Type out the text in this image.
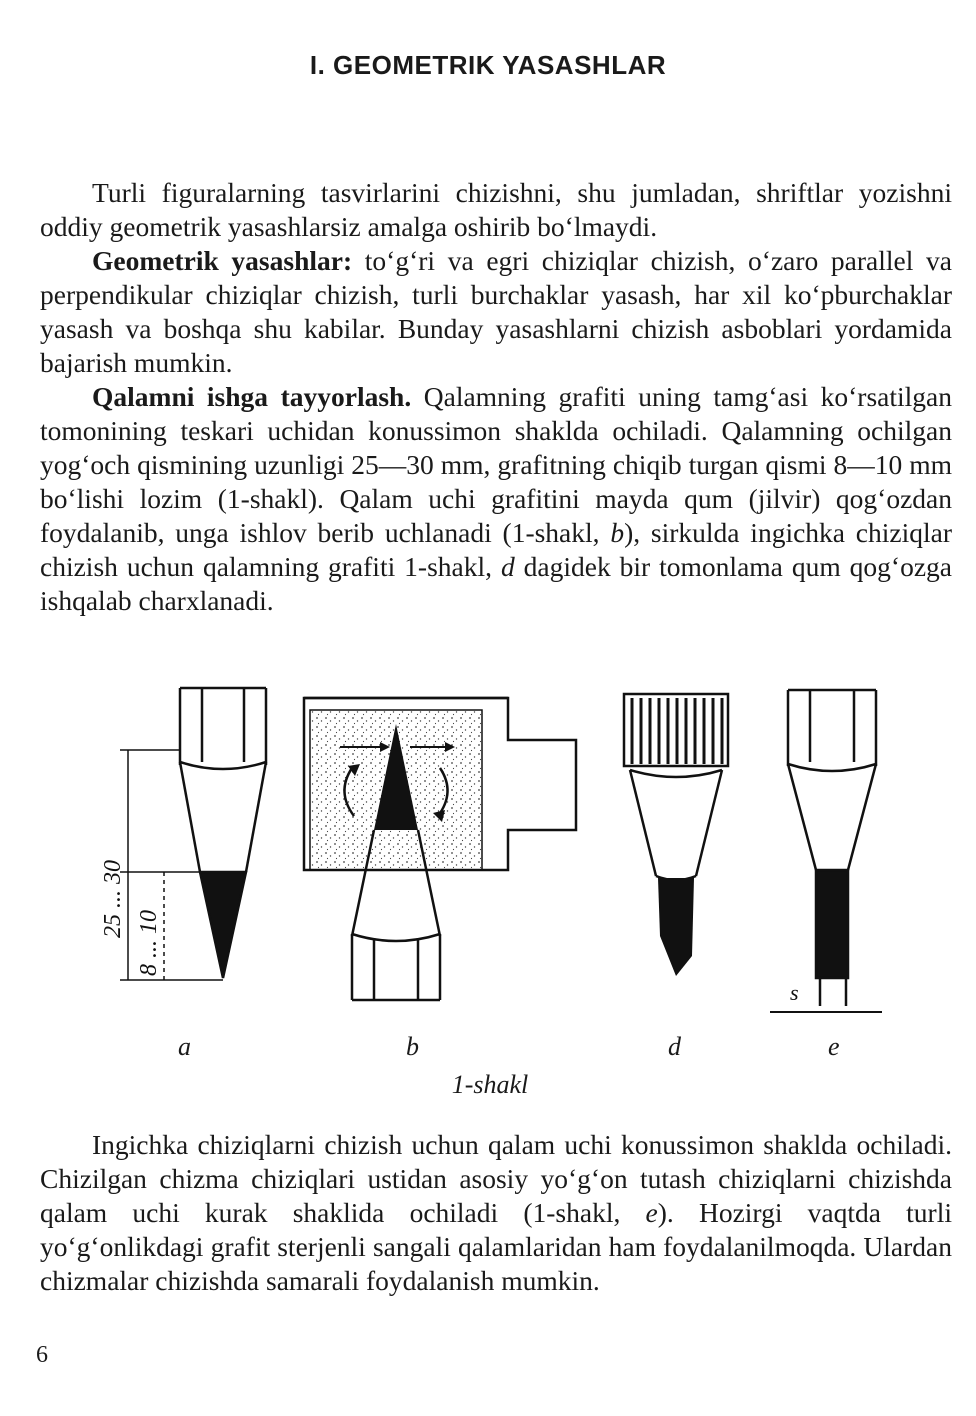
I. GEOMETRIK YASASHLAR

Turli figuralarning tasvirlarini chizishni, shu jumladan, shriftlar yozishni oddiy geometrik yasashlarsiz amalga oshirib bo‘lmaydi.

Geometrik yasashlar: to‘g‘ri va egri chiziqlar chizish, o‘zaro parallel va perpendikular chiziqlar chizish, turli burchaklar yasash, har xil ko‘pburchaklar yasash va boshqa shu kabilar. Bunday yasashlarni chizish asboblari yordamida bajarish mumkin.

Qalamni ishga tayyorlash. Qalamning grafiti uning tamg‘asi ko‘rsatilgan tomonining teskari uchidan konussimon shaklda ochiladi. Qalamning ochilgan yog‘och qismining uzunligi 25—30 mm, grafitning chiqib turgan qismi 8—10 mm bo‘lishi lozim (1-shakl). Qalam uchi grafitini mayda qum (jilvir) qog‘ozdan foydalanib, unga ishlov berib uchlanadi (1-shakl, b), sirkulda ingichka chiziqlar chizish uchun qalamning grafiti 1-shakl, d dagidek bir tomonlama qum qog‘ozga ishqalab charxlanadi.

25 ... 30
8 ... 10
s
a	b	d	e
1-shakl

Ingichka chiziqlarni chizish uchun qalam uchi konussimon shaklda ochiladi. Chizilgan chizma chiziqlari ustidan asosiy yo‘g‘on tutash chiziqlarni chizishda qalam uchi kurak shaklida ochiladi (1-shakl, e). Hozirgi vaqtda turli yo‘g‘onlikdagi grafit sterjenli sangali qalamlaridan ham foydalanilmoqda. Ulardan chizmalar chizishda samarali foydalanish mumkin.

6
